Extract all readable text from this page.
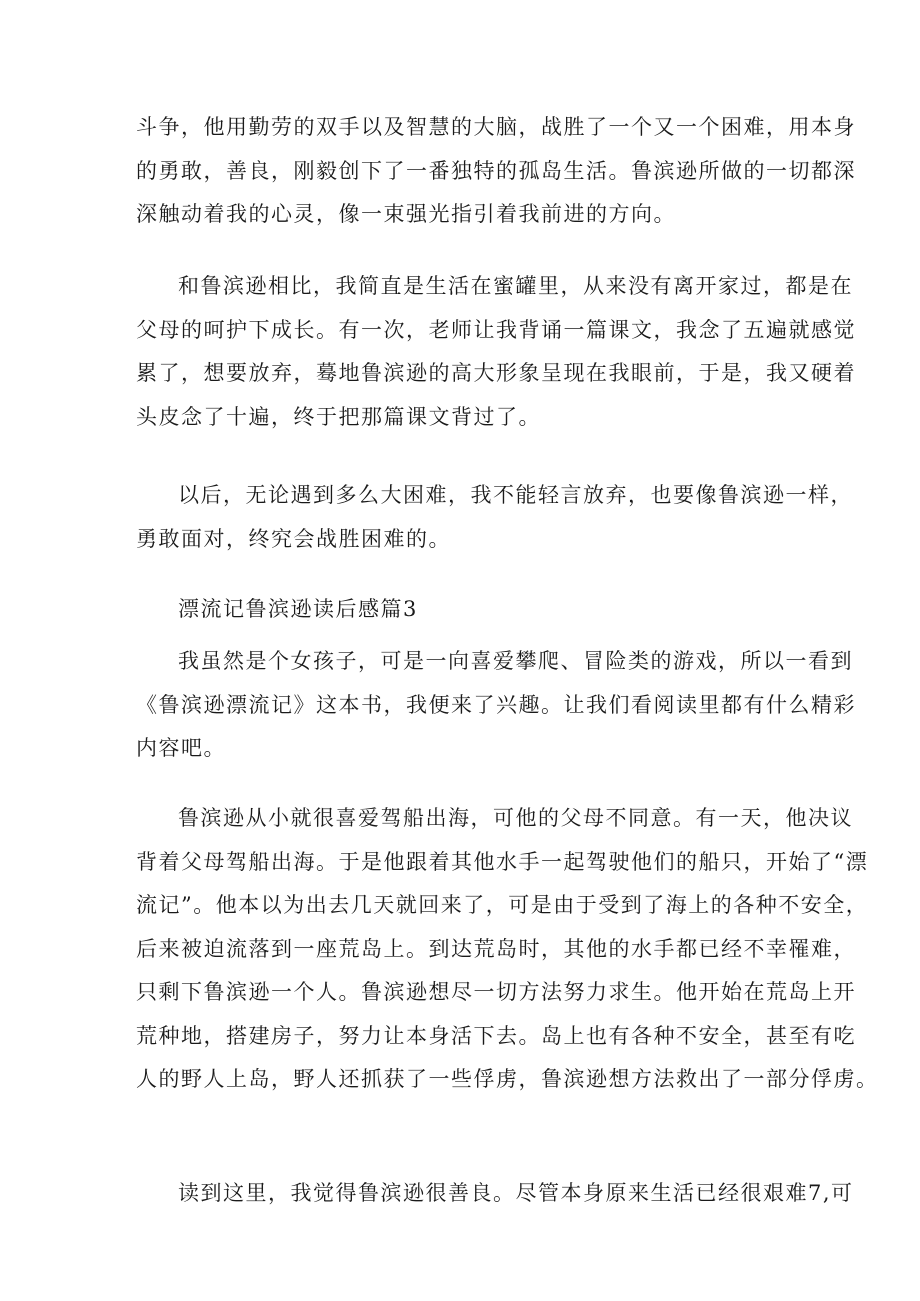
斗争，他用勤劳的双手以及智慧的大脑，战胜了一个又一个困难，用本身
的勇敢，善良，刚毅创下了一番独特的孤岛生活。鲁滨逊所做的一切都深
深触动着我的心灵，像一束强光指引着我前进的方向。
和鲁滨逊相比，我简直是生活在蜜罐里，从来没有离开家过，都是在
父母的呵护下成长。有一次，老师让我背诵一篇课文，我念了五遍就感觉
累了，想要放弃，蓦地鲁滨逊的高大形象呈现在我眼前，于是，我又硬着
头皮念了十遍，终于把那篇课文背过了。
以后，无论遇到多么大困难，我不能轻言放弃，也要像鲁滨逊一样，
勇敢面对，终究会战胜困难的。
漂流记鲁滨逊读后感篇3
我虽然是个女孩子，可是一向喜爱攀爬、冒险类的游戏，所以一看到
《鲁滨逊漂流记》这本书，我便来了兴趣。让我们看阅读里都有什么精彩
内容吧。
鲁滨逊从小就很喜爱驾船出海，可他的父母不同意。有一天，他决议
背着父母驾船出海。于是他跟着其他水手一起驾驶他们的船只，开始了“漂
流记”。他本以为出去几天就回来了，可是由于受到了海上的各种不安全，
后来被迫流落到一座荒岛上。到达荒岛时，其他的水手都已经不幸罹难，
只剩下鲁滨逊一个人。鲁滨逊想尽一切方法努力求生。他开始在荒岛上开
荒种地，搭建房子，努力让本身活下去。岛上也有各种不安全，甚至有吃
人的野人上岛，野人还抓获了一些俘虏，鲁滨逊想方法救出了一部分俘虏。
读到这里，我觉得鲁滨逊很善良。尽管本身原来生活已经很艰难7,可
